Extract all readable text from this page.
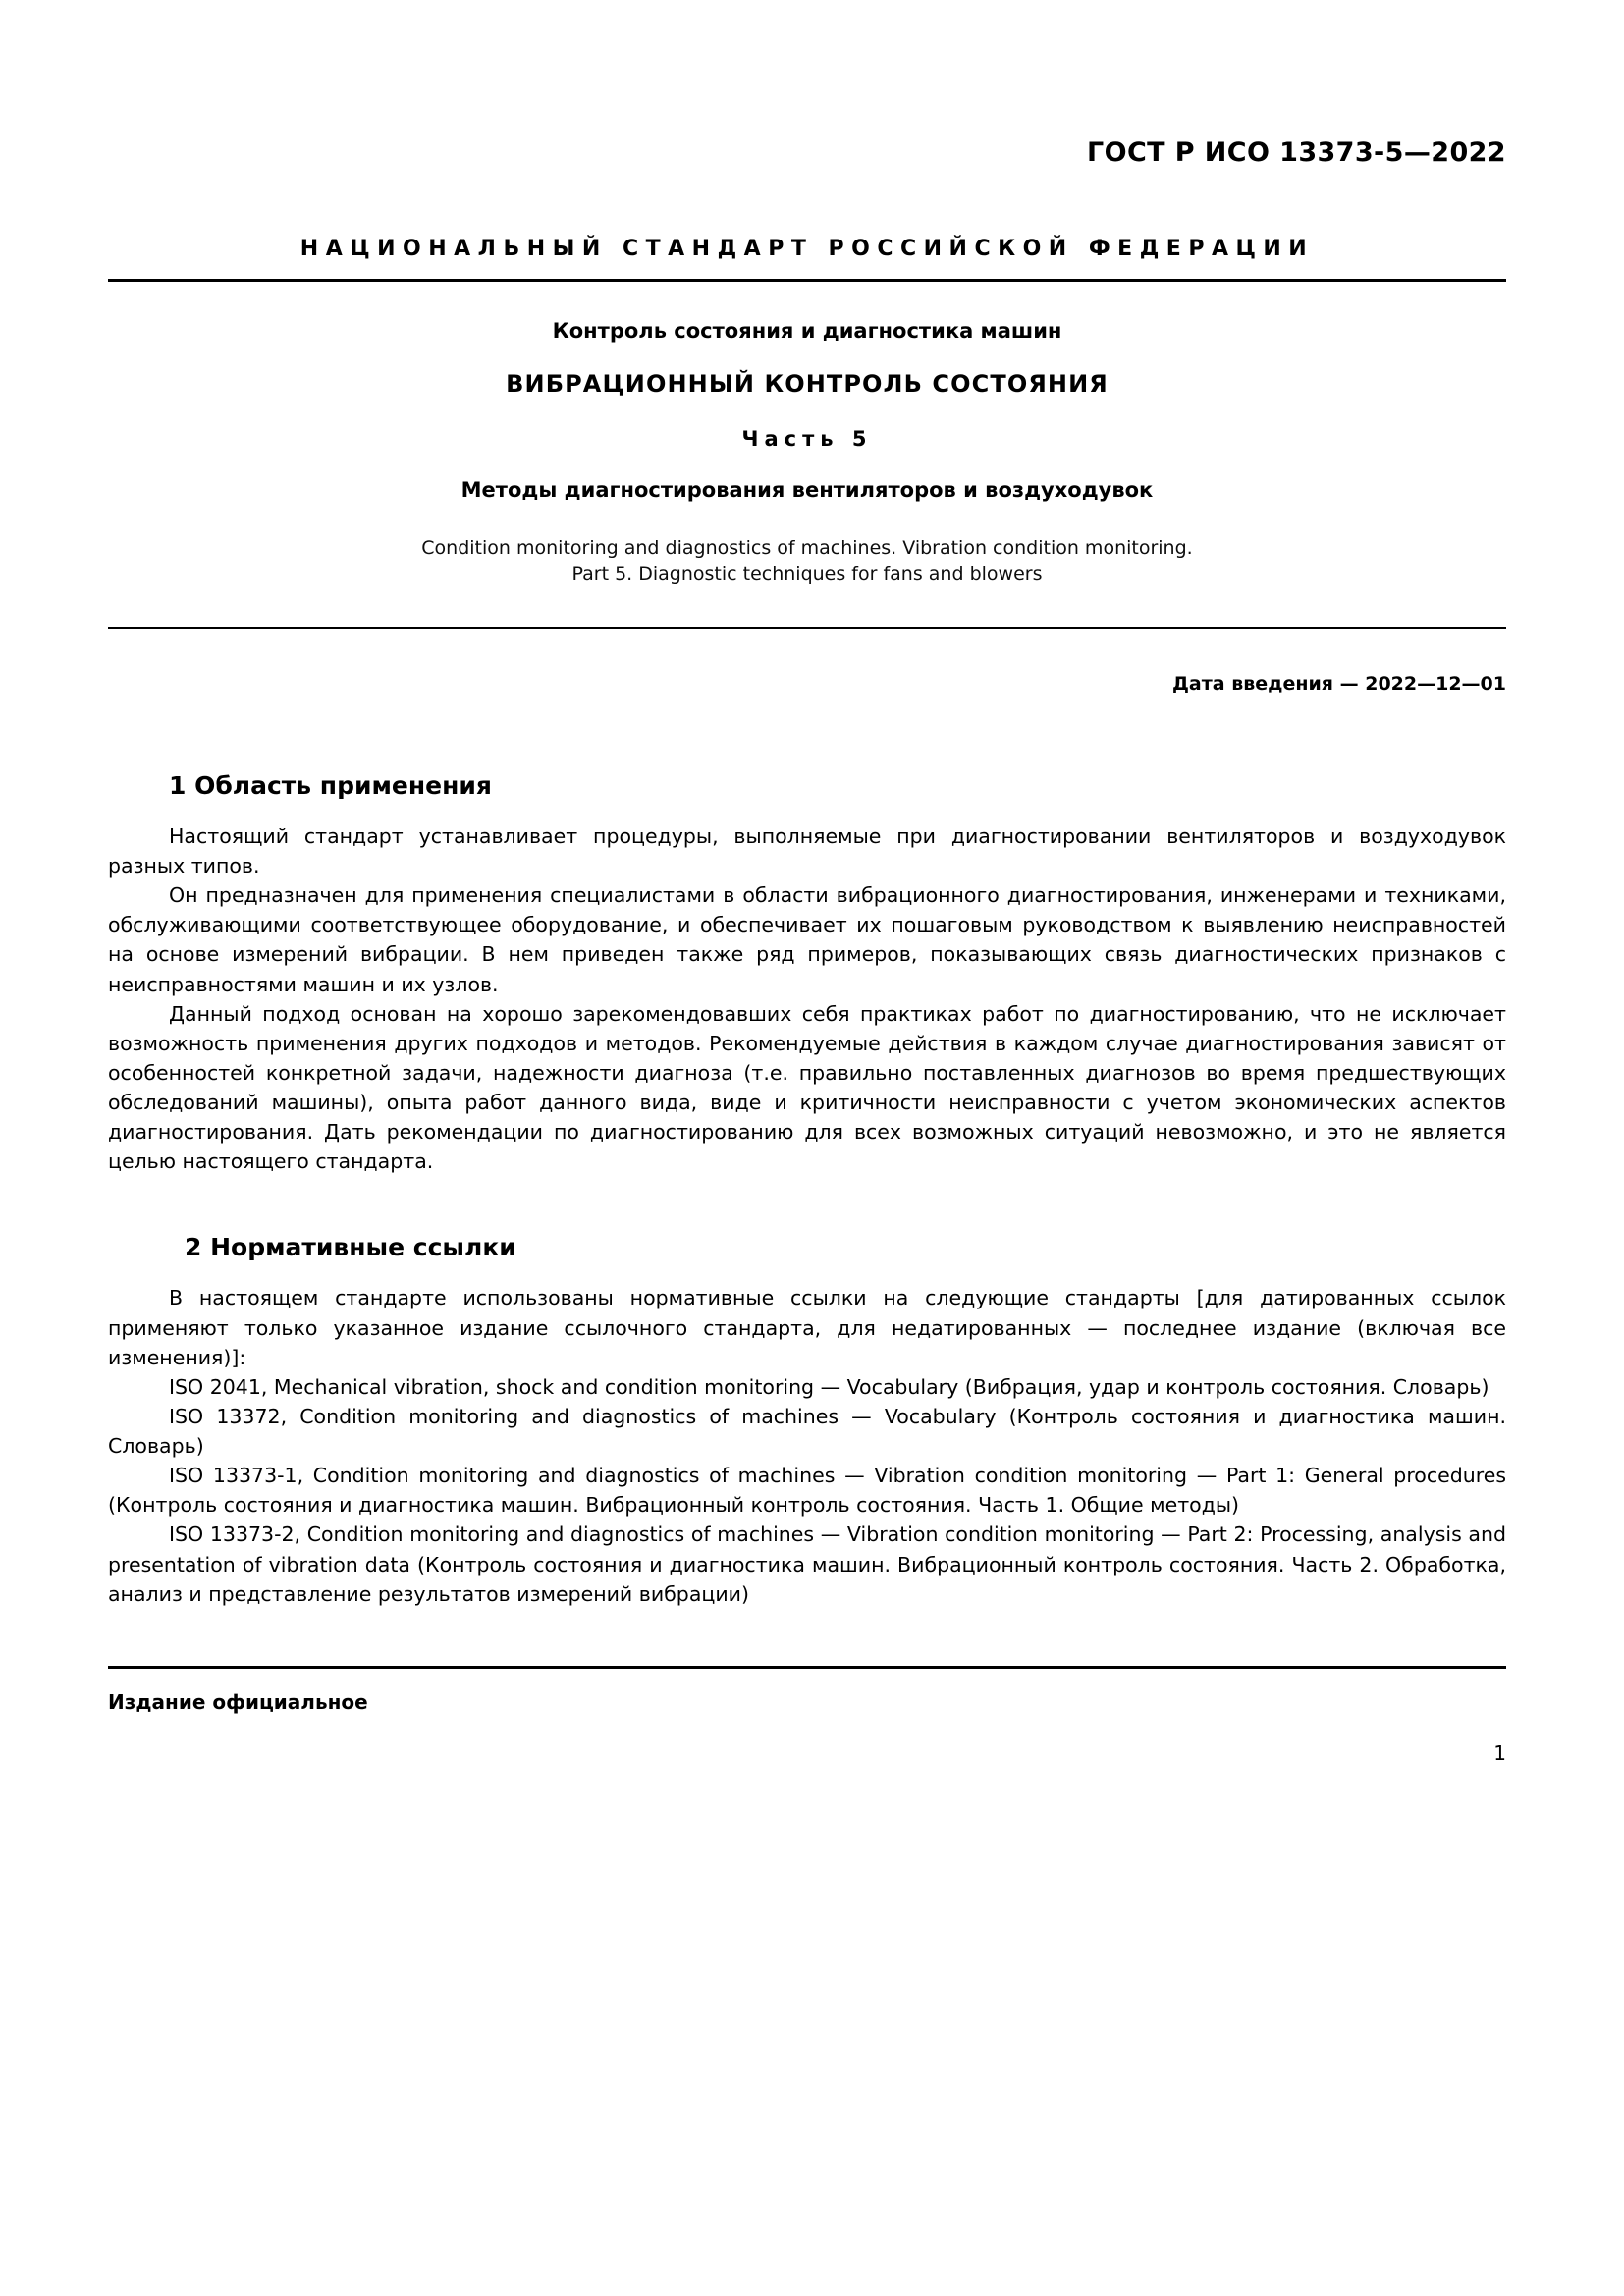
ГОСТ Р ИСО 13373-5—2022
НАЦИОНАЛЬНЫЙ СТАНДАРТ РОССИЙСКОЙ ФЕДЕРАЦИИ
Контроль состояния и диагностика машин
ВИБРАЦИОННЫЙ КОНТРОЛЬ СОСТОЯНИЯ
Часть 5
Методы диагностирования вентиляторов и воздуходувок
Condition monitoring and diagnostics of machines. Vibration condition monitoring.
Part 5. Diagnostic techniques for fans and blowers
Дата введения — 2022—12—01
1 Область применения

Настоящий стандарт устанавливает процедуры, выполняемые при диагностировании вентиляторов и воздуходувок разных типов.

Он предназначен для применения специалистами в области вибрационного диагностирования, инженерами и техниками, обслуживающими соответствующее оборудование, и обеспечивает их пошаговым руководством к выявлению неисправностей на основе измерений вибрации. В нем приведен также ряд примеров, показывающих связь диагностических признаков с неисправностями машин и их узлов.

Данный подход основан на хорошо зарекомендовавших себя практиках работ по диагностированию, что не исключает возможность применения других подходов и методов. Рекомендуемые действия в каждом случае диагностирования зависят от особенностей конкретной задачи, надежности диагноза (т.е. правильно поставленных диагнозов во время предшествующих обследований машины), опыта работ данного вида, виде и критичности неисправности с учетом экономических аспектов диагностирования. Дать рекомендации по диагностированию для всех возможных ситуаций невозможно, и это не является целью настоящего стандарта.

2 Нормативные ссылки

В настоящем стандарте использованы нормативные ссылки на следующие стандарты [для датированных ссылок применяют только указанное издание ссылочного стандарта, для недатированных — последнее издание (включая все изменения)]:

ISO 2041, Mechanical vibration, shock and condition monitoring — Vocabulary (Вибрация, удар и контроль состояния. Словарь)

ISO 13372, Condition monitoring and diagnostics of machines — Vocabulary (Контроль состояния и диагностика машин. Словарь)

ISO 13373-1, Condition monitoring and diagnostics of machines — Vibration condition monitoring — Part 1: General procedures (Контроль состояния и диагностика машин. Вибрационный контроль состояния. Часть 1. Общие методы)

ISO 13373-2, Condition monitoring and diagnostics of machines — Vibration condition monitoring — Part 2: Processing, analysis and presentation of vibration data (Контроль состояния и диагностика машин. Вибрационный контроль состояния. Часть 2. Обработка, анализ и представление результатов измерений вибрации)

Издание официальное
1
